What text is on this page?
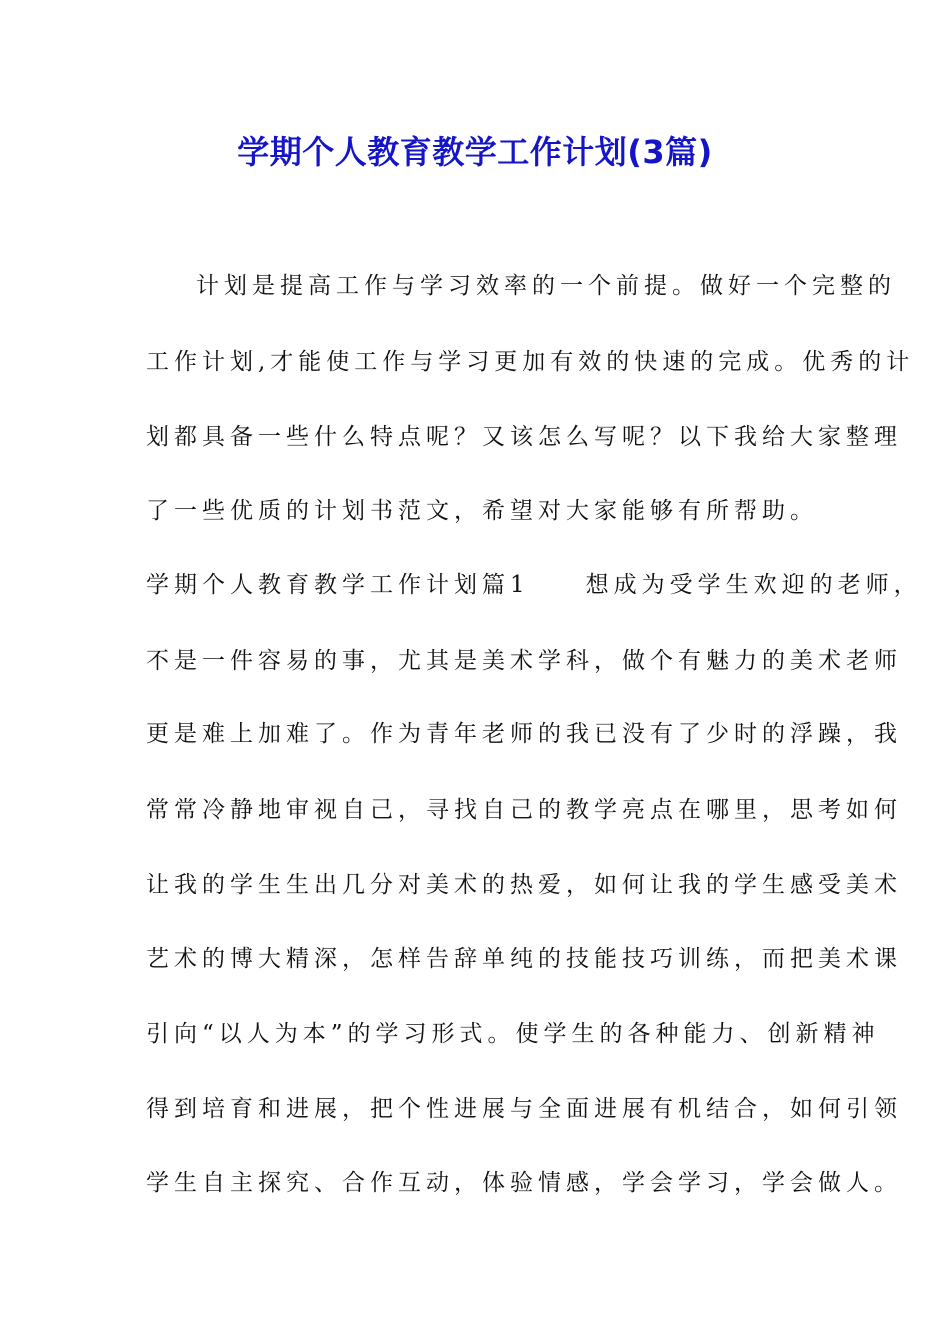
学期个人教育教学工作计划(3篇)
计划是提高工作与学习效率的一个前提。做好一个完整的
工作计划,才能使工作与学习更加有效的快速的完成。优秀的计
划都具备一些什么特点呢？又该怎么写呢？以下我给大家整理
了一些优质的计划书范文，希望对大家能够有所帮助。
学期个人教育教学工作计划篇1 想成为受学生欢迎的老师，
不是一件容易的事，尤其是美术学科，做个有魅力的美术老师
更是难上加难了。作为青年老师的我已没有了少时的浮躁，我
常常冷静地审视自己，寻找自己的教学亮点在哪里，思考如何
让我的学生生出几分对美术的热爱，如何让我的学生感受美术
艺术的博大精深，怎样告辞单纯的技能技巧训练，而把美术课
引向“以人为本”的学习形式。使学生的各种能力、创新精神
得到培育和进展，把个性进展与全面进展有机结合，如何引领
学生自主探究、合作互动，体验情感，学会学习，学会做人。
